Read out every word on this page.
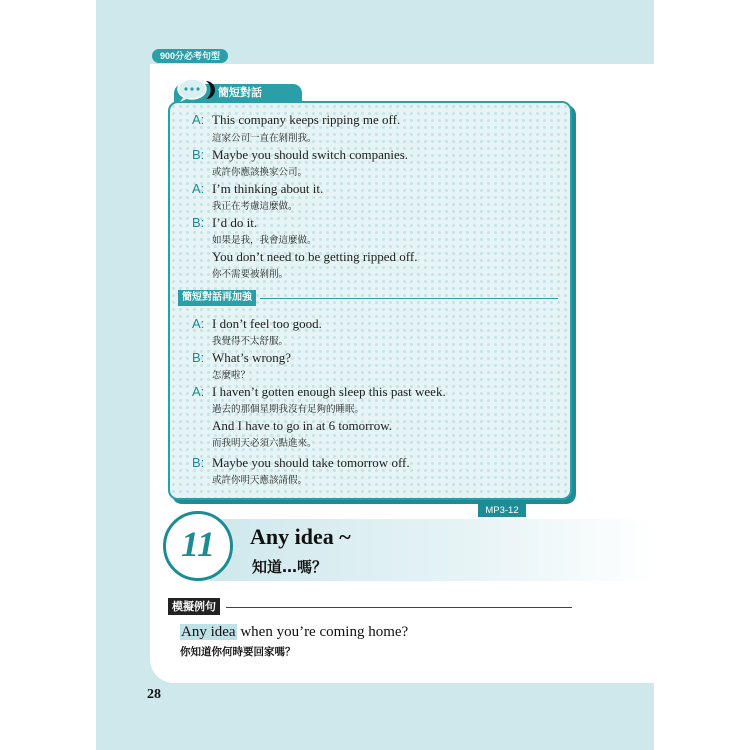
900分必考句型
簡短對話
A: This company keeps ripping me off.
這家公司一直在剝削我。
B: Maybe you should switch companies.
或許你應該換家公司。
A: I’m thinking about it.
我正在考慮這麼做。
B: I’d do it.
如果是我，我會這麼做。
You don’t need to be getting ripped off.
你不需要被剝削。
簡短對話再加強
A: I don’t feel too good.
我覺得不太舒服。
B: What’s wrong?
怎麼啦？
A: I haven’t gotten enough sleep this past week.
過去的那個星期我沒有足夠的睡眠。
And I have to go in at 6 tomorrow.
而我明天必須六點進來。
B: Maybe you should take tomorrow off.
或許你明天應該請假。
MP3-12
11	Any idea ~
知道…嗎？
模擬例句
Any idea when you’re coming home?
你知道你何時要回家嗎？
28
